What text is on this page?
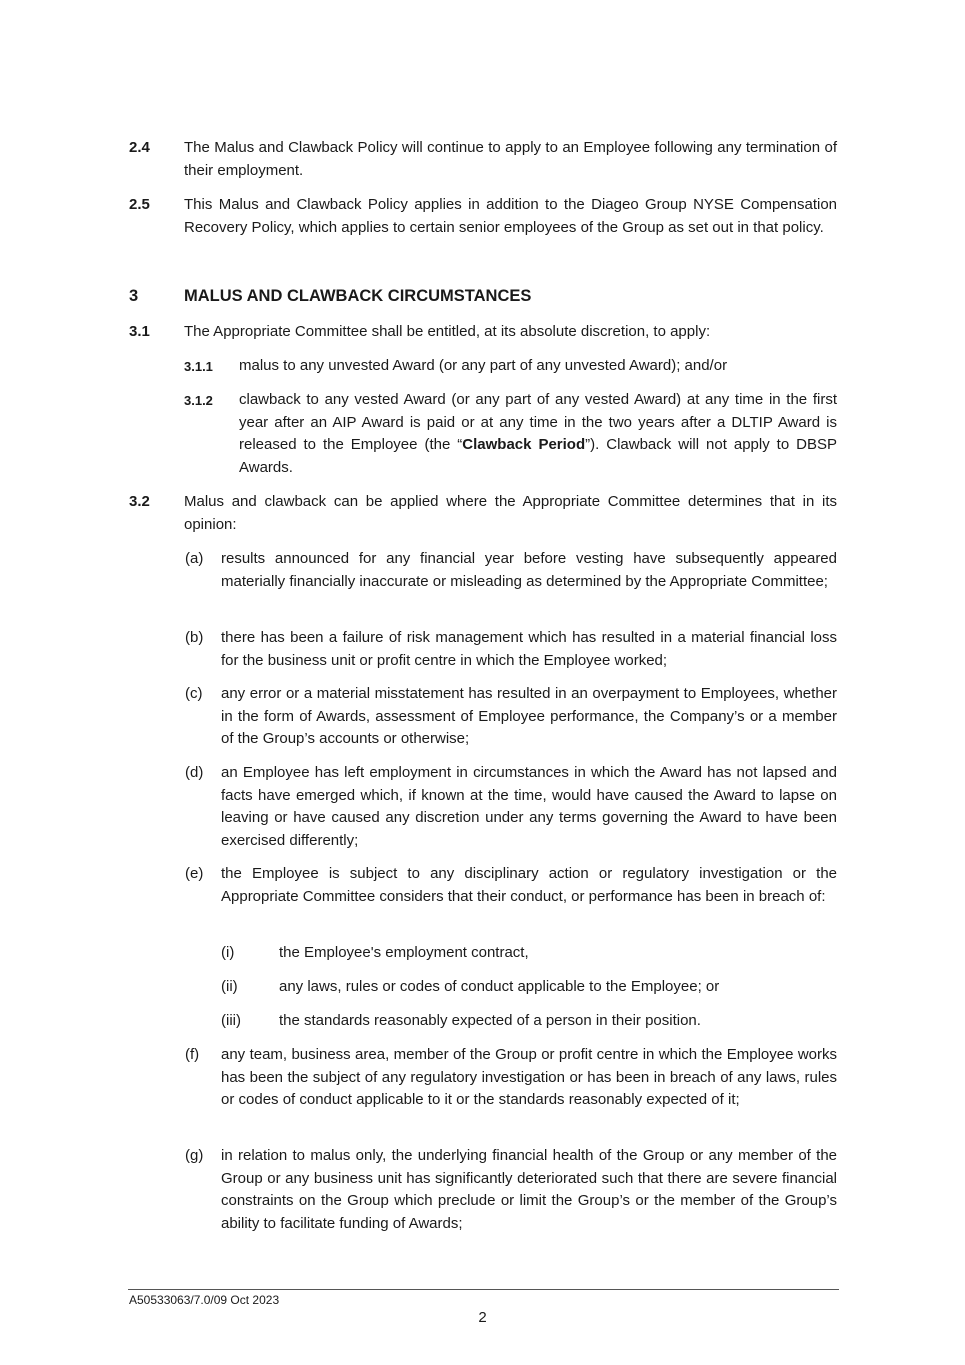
2.4 The Malus and Clawback Policy will continue to apply to an Employee following any termination of their employment.
2.5 This Malus and Clawback Policy applies in addition to the Diageo Group NYSE Compensation Recovery Policy, which applies to certain senior employees of the Group as set out in that policy.
3	MALUS AND CLAWBACK CIRCUMSTANCES
3.1 The Appropriate Committee shall be entitled, at its absolute discretion, to apply:
3.1.1 malus to any unvested Award (or any part of any unvested Award); and/or
3.1.2 clawback to any vested Award (or any part of any vested Award) at any time in the first year after an AIP Award is paid or at any time in the two years after a DLTIP Award is released to the Employee (the “Clawback Period”). Clawback will not apply to DBSP Awards.
3.2 Malus and clawback can be applied where the Appropriate Committee determines that in its opinion:
(a) results announced for any financial year before vesting have subsequently appeared materially financially inaccurate or misleading as determined by the Appropriate Committee;
(b) there has been a failure of risk management which has resulted in a material financial loss for the business unit or profit centre in which the Employee worked;
(c) any error or a material misstatement has resulted in an overpayment to Employees, whether in the form of Awards, assessment of Employee performance, the Company’s or a member of the Group’s accounts or otherwise;
(d) an Employee has left employment in circumstances in which the Award has not lapsed and facts have emerged which, if known at the time, would have caused the Award to lapse on leaving or have caused any discretion under any terms governing the Award to have been exercised differently;
(e) the Employee is subject to any disciplinary action or regulatory investigation or the Appropriate Committee considers that their conduct, or performance has been in breach of:
(i)	the Employee's employment contract,
(ii)	any laws, rules or codes of conduct applicable to the Employee; or
(iii)	the standards reasonably expected of a person in their position.
(f) any team, business area, member of the Group or profit centre in which the Employee works has been the subject of any regulatory investigation or has been in breach of any laws, rules or codes of conduct applicable to it or the standards reasonably expected of it;
(g) in relation to malus only, the underlying financial health of the Group or any member of the Group or any business unit has significantly deteriorated such that there are severe financial constraints on the Group which preclude or limit the Group’s or the member of the Group’s ability to facilitate funding of Awards;
A50533063/7.0/09 Oct 2023
2
